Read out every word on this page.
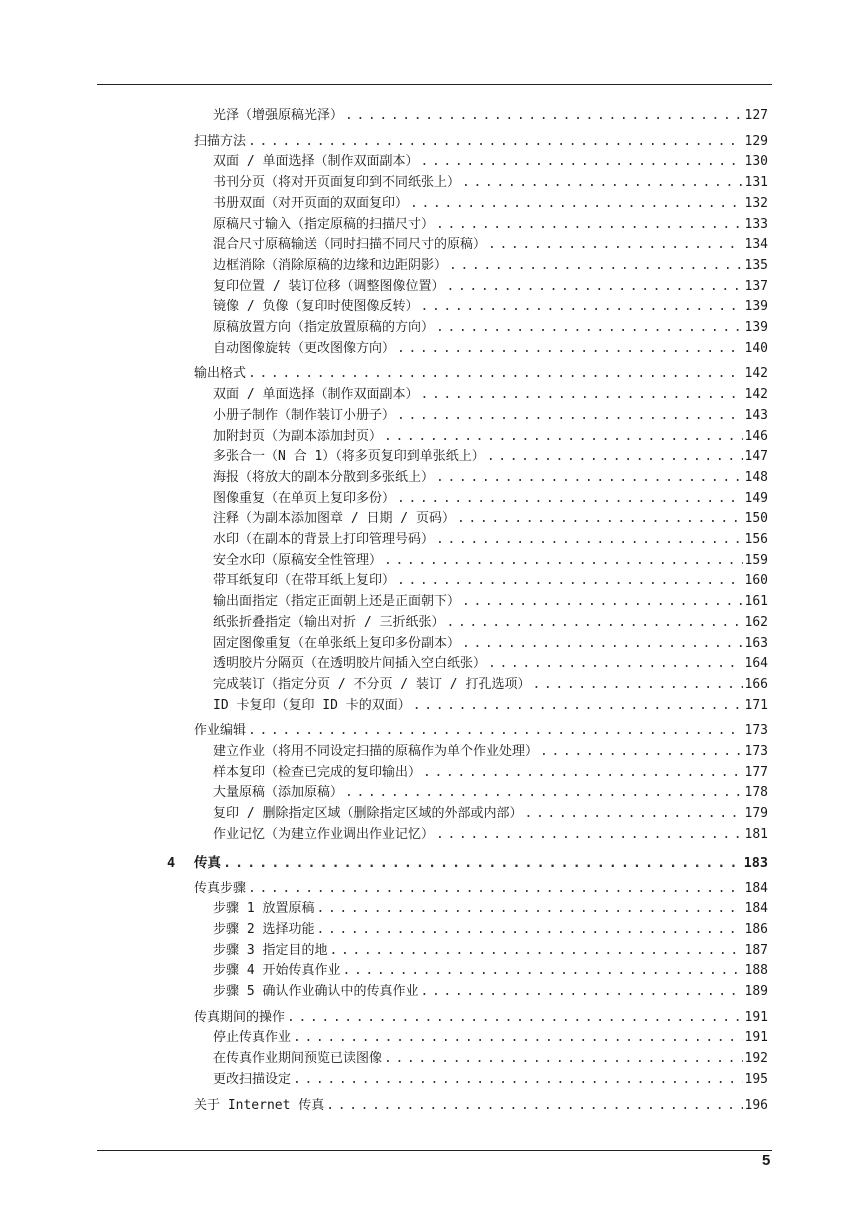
光泽（增强原稿光泽） . . .	127
扫描方法 . . .	129
双面 / 单面选择（制作双面副本） . . .	130
书刊分页（将对开页面复印到不同纸张上） . . .	131
书册双面（对开页面的双面复印） . . .	132
原稿尺寸输入（指定原稿的扫描尺寸） . . .	133
混合尺寸原稿输送（同时扫描不同尺寸的原稿） . . .	134
边框消除（消除原稿的边缘和边距阴影） . . .	135
复印位置 / 装订位移（调整图像位置） . . .	137
镜像 / 负像（复印时使图像反转） . . .	139
原稿放置方向（指定放置原稿的方向） . . .	139
自动图像旋转（更改图像方向） . . .	140
输出格式 . . .	142
双面 / 单面选择（制作双面副本） . . .	142
小册子制作（制作装订小册子） . . .	143
加附封页（为副本添加封页） . . .	146
多张合一（N 合 1）（将多页复印到单张纸上） . . .	147
海报（将放大的副本分散到多张纸上） . . .	148
图像重复（在单页上复印多份） . . .	149
注释（为副本添加图章 / 日期 / 页码） . . .	150
水印（在副本的背景上打印管理号码） . . .	156
安全水印（原稿安全性管理） . . .	159
带耳纸复印（在带耳纸上复印） . . .	160
输出面指定（指定正面朝上还是正面朝下） . . .	161
纸张折叠指定（输出对折 / 三折纸张） . . .	162
固定图像重复（在单张纸上复印多份副本） . . .	163
透明胶片分隔页（在透明胶片间插入空白纸张） . . .	164
完成装订（指定分页 / 不分页 / 装订 / 打孔选项） . . .	166
ID 卡复印（复印 ID 卡的双面） . . .	171
作业编辑 . . .	173
建立作业（将用不同设定扫描的原稿作为单个作业处理） . . .	173
样本复印（检查已完成的复印输出） . . .	177
大量原稿（添加原稿） . . .	178
复印 / 删除指定区域（删除指定区域的外部或内部） . . .	179
作业记忆（为建立作业调出作业记忆） . . .	181
传真 . . .	183
4
传真步骤 . . .	184
步骤 1 放置原稿 . . .	184
步骤 2 选择功能 . . .	186
步骤 3 指定目的地 . . .	187
步骤 4 开始传真作业 . . .	188
步骤 5 确认作业确认中的传真作业 . . .	189
传真期间的操作 . . .	191
停止传真作业 . . .	191
在传真作业期间预览已读图像 . . .	192
更改扫描设定 . . .	195
关于 Internet 传真 . . .	196
5
